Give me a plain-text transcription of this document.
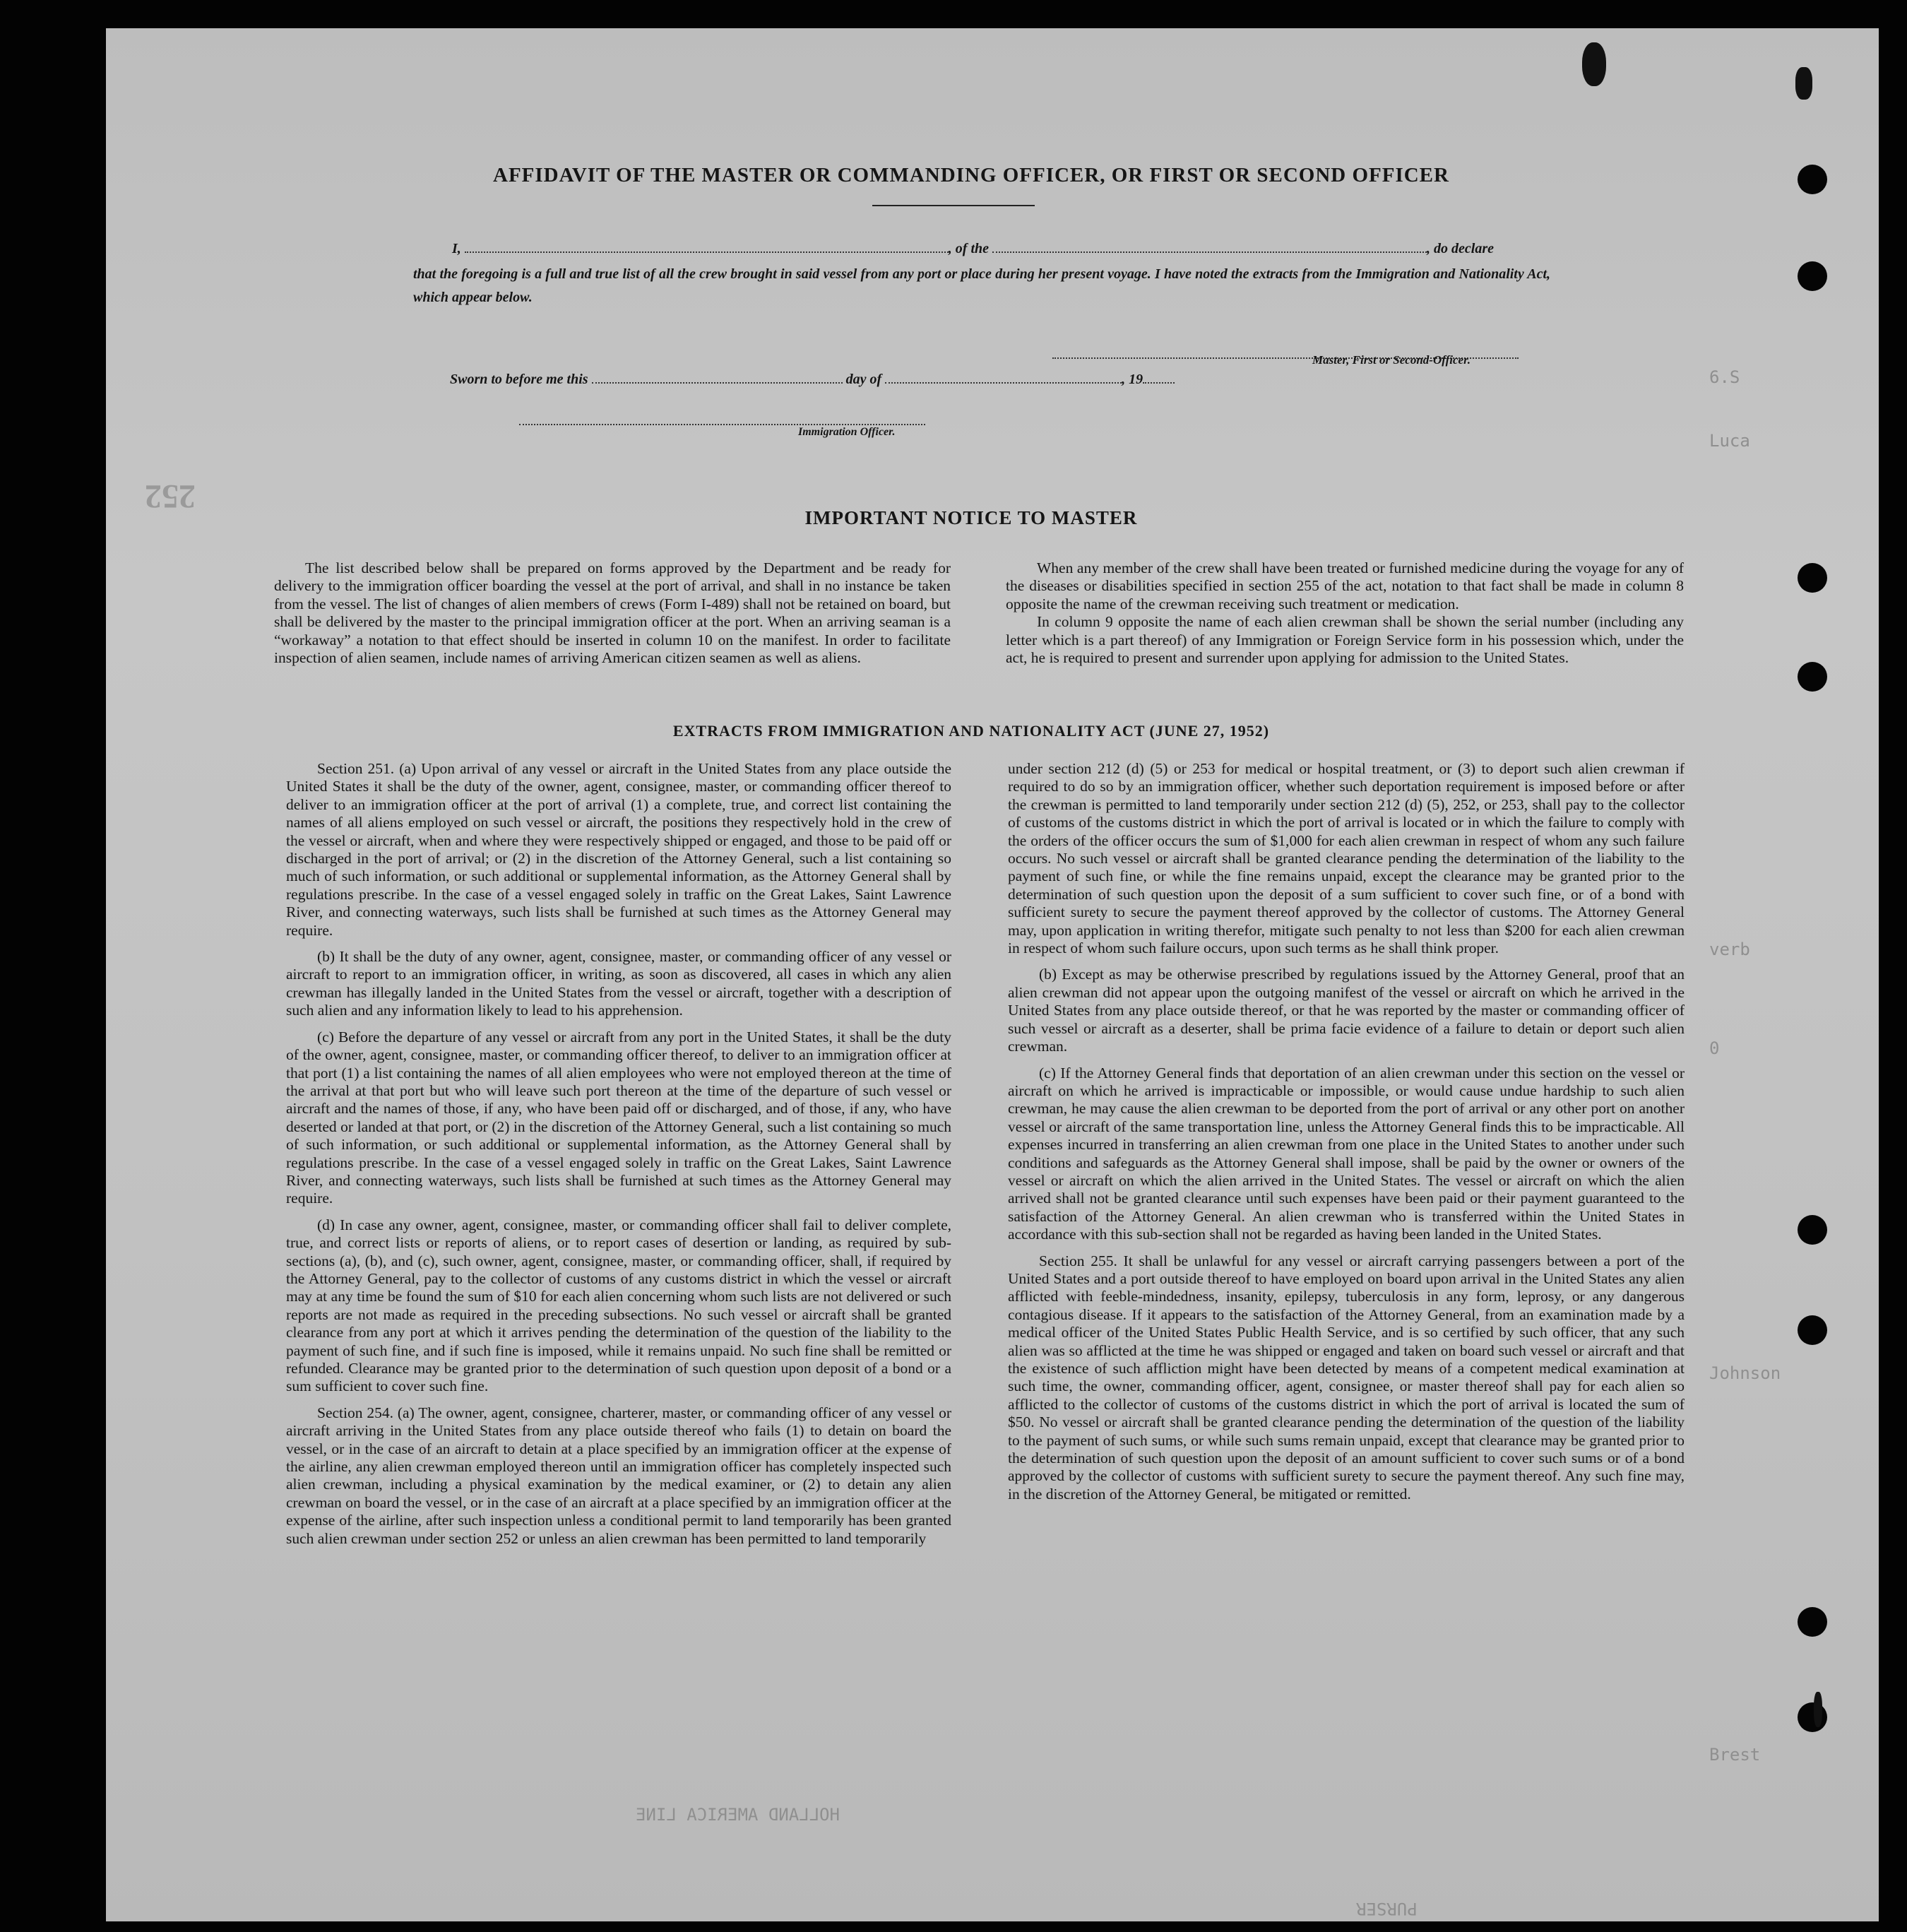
252
6.S
Luca
verb
0
Johnson
Brest
HOLLAND AMERICA LINE
PURSER
AFFIDAVIT OF THE MASTER OR COMMANDING OFFICER, OR FIRST OR SECOND OFFICER
I,	, of the	, do declare
that the foregoing is a full and true list of all the crew brought in said vessel from any port or place during her present voyage. I have noted the extracts from the Immigration and Nationality Act, which appear below.
Master, First or Second-Officer.
Sworn to before me this	day of	, 19
Immigration Officer.
IMPORTANT NOTICE TO MASTER

The list described below shall be prepared on forms approved by the Department and be ready for delivery to the immigration officer boarding the vessel at the port of arrival, and shall in no instance be taken from the vessel. The list of changes of alien members of crews (Form I-489) shall not be retained on board, but shall be delivered by the master to the principal immigration officer at the port. When an arriving seaman is a “workaway” a notation to that effect should be inserted in column 10 on the manifest. In order to facilitate inspection of alien seamen, include names of arriving American citizen seamen as well as aliens.

When any member of the crew shall have been treated or furnished medicine during the voyage for any of the diseases or disabilities specified in section 255 of the act, notation to that fact shall be made in column 8 opposite the name of the crewman receiving such treatment or medication.

In column 9 opposite the name of each alien crewman shall be shown the serial number (including any letter which is a part thereof) of any Immigration or Foreign Service form in his possession which, under the act, he is required to present and surrender upon applying for admission to the United States.

EXTRACTS FROM IMMIGRATION AND NATIONALITY ACT (JUNE 27, 1952)

Section 251. (a) Upon arrival of any vessel or aircraft in the United States from any place outside the United States it shall be the duty of the owner, agent, consignee, master, or commanding officer thereof to deliver to an immigration officer at the port of arrival (1) a complete, true, and correct list containing the names of all aliens employed on such vessel or aircraft, the positions they respectively hold in the crew of the vessel or aircraft, when and where they were respectively shipped or engaged, and those to be paid off or discharged in the port of arrival; or (2) in the discretion of the Attorney General, such a list containing so much of such information, or such additional or supplemental information, as the Attorney General shall by regulations prescribe. In the case of a vessel engaged solely in traffic on the Great Lakes, Saint Lawrence River, and connecting waterways, such lists shall be furnished at such times as the Attorney General may require.

(b) It shall be the duty of any owner, agent, consignee, master, or commanding officer of any vessel or aircraft to report to an immigration officer, in writing, as soon as discovered, all cases in which any alien crewman has illegally landed in the United States from the vessel or aircraft, together with a description of such alien and any information likely to lead to his apprehension.

(c) Before the departure of any vessel or aircraft from any port in the United States, it shall be the duty of the owner, agent, consignee, master, or commanding officer thereof, to deliver to an immigration officer at that port (1) a list containing the names of all alien employees who were not employed thereon at the time of the arrival at that port but who will leave such port thereon at the time of the departure of such vessel or aircraft and the names of those, if any, who have been paid off or discharged, and of those, if any, who have deserted or landed at that port, or (2) in the discretion of the Attorney General, such a list containing so much of such information, or such additional or supplemental information, as the Attorney General shall by regulations prescribe. In the case of a vessel engaged solely in traffic on the Great Lakes, Saint Lawrence River, and connecting waterways, such lists shall be furnished at such times as the Attorney General may require.

(d) In case any owner, agent, consignee, master, or commanding officer shall fail to deliver complete, true, and correct lists or reports of aliens, or to report cases of desertion or landing, as required by sub-sections (a), (b), and (c), such owner, agent, consignee, master, or commanding officer, shall, if required by the Attorney General, pay to the collector of customs of any customs district in which the vessel or aircraft may at any time be found the sum of $10 for each alien concerning whom such lists are not delivered or such reports are not made as required in the preceding subsections. No such vessel or aircraft shall be granted clearance from any port at which it arrives pending the determination of the question of the liability to the payment of such fine, and if such fine is imposed, while it remains unpaid. No such fine shall be remitted or refunded. Clearance may be granted prior to the determination of such question upon deposit of a bond or a sum sufficient to cover such fine.

Section 254. (a) The owner, agent, consignee, charterer, master, or commanding officer of any vessel or aircraft arriving in the United States from any place outside thereof who fails (1) to detain on board the vessel, or in the case of an aircraft to detain at a place specified by an immigration officer at the expense of the airline, any alien crewman employed thereon until an immigration officer has completely inspected such alien crewman, including a physical examination by the medical examiner, or (2) to detain any alien crewman on board the vessel, or in the case of an aircraft at a place specified by an immigration officer at the expense of the airline, after such inspection unless a conditional permit to land temporarily has been granted such alien crewman under section 252 or unless an alien crewman has been permitted to land temporarily

under section 212 (d) (5) or 253 for medical or hospital treatment, or (3) to deport such alien crewman if required to do so by an immigration officer, whether such deportation requirement is imposed before or after the crewman is permitted to land temporarily under section 212 (d) (5), 252, or 253, shall pay to the collector of customs of the customs district in which the port of arrival is located or in which the failure to comply with the orders of the officer occurs the sum of $1,000 for each alien crewman in respect of whom any such failure occurs. No such vessel or aircraft shall be granted clearance pending the determination of the liability to the payment of such fine, or while the fine remains unpaid, except the clearance may be granted prior to the determination of such question upon the deposit of a sum sufficient to cover such fine, or of a bond with sufficient surety to secure the payment thereof approved by the collector of customs. The Attorney General may, upon application in writing therefor, mitigate such penalty to not less than $200 for each alien crewman in respect of whom such failure occurs, upon such terms as he shall think proper.

(b) Except as may be otherwise prescribed by regulations issued by the Attorney General, proof that an alien crewman did not appear upon the outgoing manifest of the vessel or aircraft on which he arrived in the United States from any place outside thereof, or that he was reported by the master or commanding officer of such vessel or aircraft as a deserter, shall be prima facie evidence of a failure to detain or deport such alien crewman.

(c) If the Attorney General finds that deportation of an alien crewman under this section on the vessel or aircraft on which he arrived is impracticable or impossible, or would cause undue hardship to such alien crewman, he may cause the alien crewman to be deported from the port of arrival or any other port on another vessel or aircraft of the same transportation line, unless the Attorney General finds this to be impracticable. All expenses incurred in transferring an alien crewman from one place in the United States to another under such conditions and safeguards as the Attorney General shall impose, shall be paid by the owner or owners of the vessel or aircraft on which the alien arrived in the United States. The vessel or aircraft on which the alien arrived shall not be granted clearance until such expenses have been paid or their payment guaranteed to the satisfaction of the Attorney General. An alien crewman who is transferred within the United States in accordance with this sub-section shall not be regarded as having been landed in the United States.

Section 255. It shall be unlawful for any vessel or aircraft carrying passengers between a port of the United States and a port outside thereof to have employed on board upon arrival in the United States any alien afflicted with feeble-mindedness, insanity, epilepsy, tuberculosis in any form, leprosy, or any dangerous contagious disease. If it appears to the satisfaction of the Attorney General, from an examination made by a medical officer of the United States Public Health Service, and is so certified by such officer, that any such alien was so afflicted at the time he was shipped or engaged and taken on board such vessel or aircraft and that the existence of such affliction might have been detected by means of a competent medical examination at such time, the owner, commanding officer, agent, consignee, or master thereof shall pay for each alien so afflicted to the collector of customs of the customs district in which the port of arrival is located the sum of $50. No vessel or aircraft shall be granted clearance pending the determination of the question of the liability to the payment of such sums, or while such sums remain unpaid, except that clearance may be granted prior to the determination of such question upon the deposit of an amount sufficient to cover such sums or of a bond approved by the collector of customs with sufficient surety to secure the payment thereof. Any such fine may, in the discretion of the Attorney General, be mitigated or remitted.
